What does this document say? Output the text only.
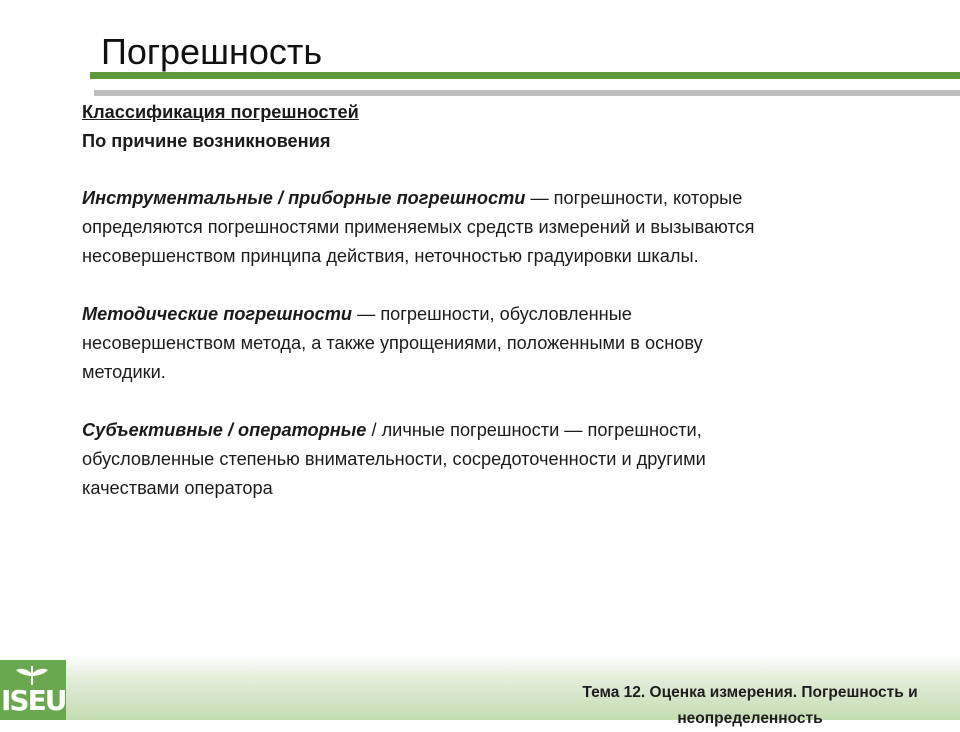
Погрешность
Классификация погрешностей
По причине возникновения
Инструментальные / приборные погрешности — погрешности, которые
определяются погрешностями применяемых средств измерений и вызываются
несовершенством принципа действия, неточностью градуировки шкалы.
Методические погрешности — погрешности, обусловленные
несовершенством метода, а также упрощениями, положенными в основу
методики.
Субъективные / операторные / личные погрешности — погрешности,
обусловленные степенью внимательности, сосредоточенности и другими
качествами оператора
ISEU	Тема 12. Оценка измерения. Погрешность и
неопределенность
